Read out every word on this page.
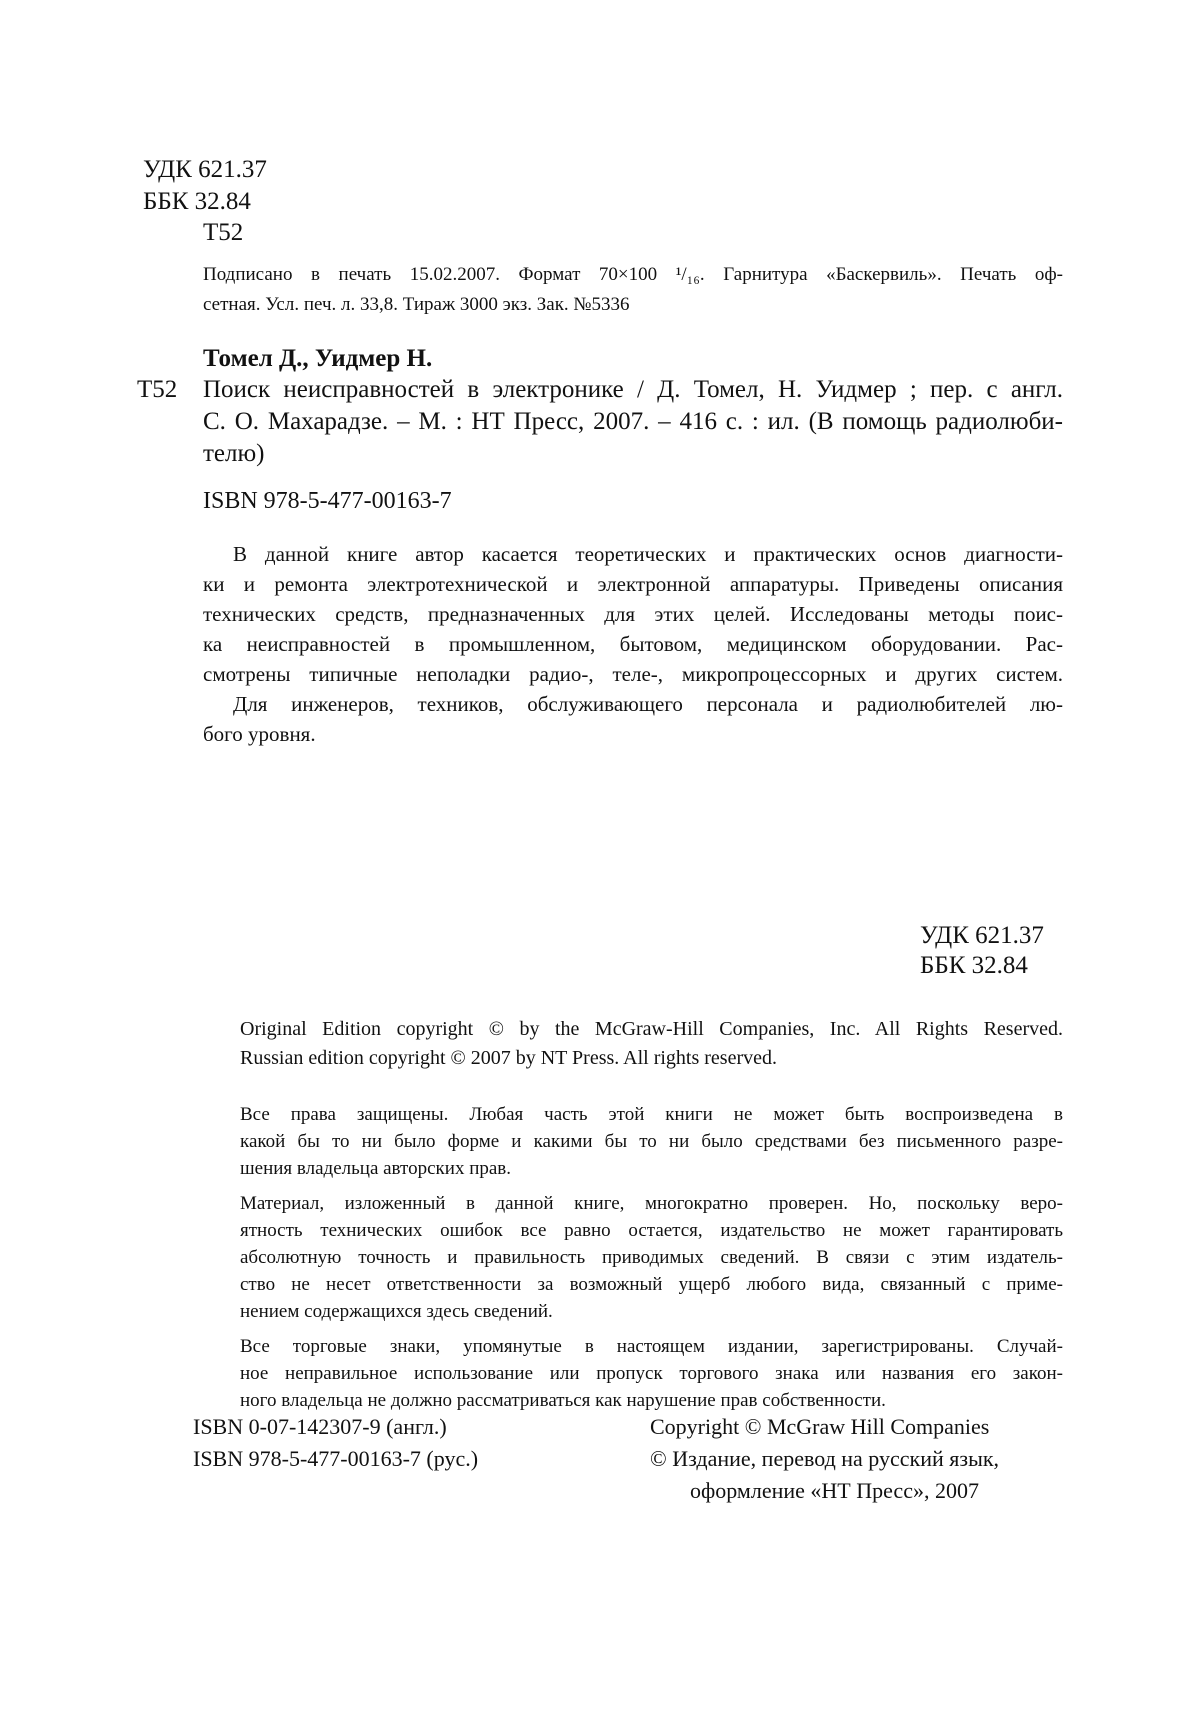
УДК 621.37
ББК 32.84
Т52
Подписано в печать 15.02.2007. Формат 70×100 ¹/₁₆. Гарнитура «Баскервиль». Печать оф-
сетная. Усл. печ. л. 33,8. Тираж 3000 экз. Зак. №5336
Томел Д., Уидмер Н.
Т52 Поиск неисправностей в электронике / Д. Томел, Н. Уидмер ; пер. с англ.
С. О. Махарадзе. – М. : НТ Пресс, 2007. – 416 с. : ил. (В помощь радиолюби-
телю)
ISBN 978-5-477-00163-7
В данной книге автор касается теоретических и практических основ диагности-
ки и ремонта электротехнической и электронной аппаратуры. Приведены описания
технических средств, предназначенных для этих целей. Исследованы методы поис-
ка неисправностей в промышленном, бытовом, медицинском оборудовании. Рас-
смотрены типичные неполадки радио-, теле-, микропроцессорных и других систем.
Для инженеров, техников, обслуживающего персонала и радиолюбителей лю-
бого уровня.
УДК 621.37
ББК 32.84
Original Edition copyright © by the McGraw-Hill Companies, Inc. All Rights Reserved.
Russian edition copyright © 2007 by NT Press. All rights reserved.
Все права защищены. Любая часть этой книги не может быть воспроизведена в
какой бы то ни было форме и какими бы то ни было средствами без письменного разре-
шения владельца авторских прав.
Материал, изложенный в данной книге, многократно проверен. Но, поскольку веро-
ятность технических ошибок все равно остается, издательство не может гарантировать
абсолютную точность и правильность приводимых сведений. В связи с этим издатель-
ство не несет ответственности за возможный ущерб любого вида, связанный с приме-
нением содержащихся здесь сведений.
Все торговые знаки, упомянутые в настоящем издании, зарегистрированы. Случай-
ное неправильное использование или пропуск торгового знака или названия его закон-
ного владельца не должно рассматриваться как нарушение прав собственности.
ISBN 0-07-142307-9 (англ.)
ISBN 978-5-477-00163-7 (рус.)
Copyright © McGraw Hill Companies
© Издание, перевод на русский язык,
оформление «НТ Пресс», 2007
